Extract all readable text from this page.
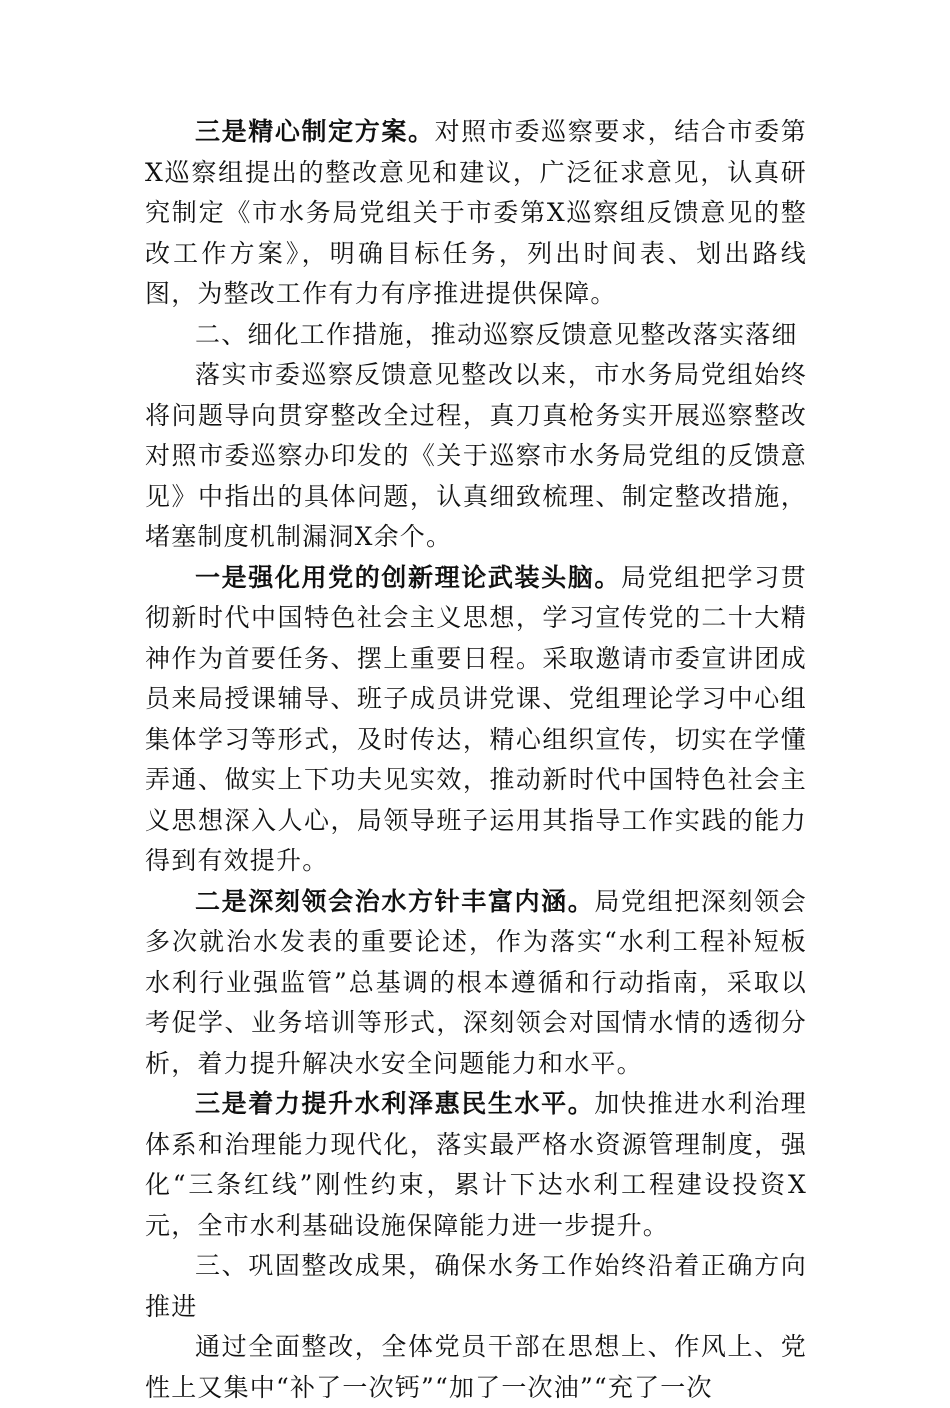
三是精心制定方案。对照市委巡察要求，结合市委第X巡察组提出的整改意见和建议，广泛征求意见，认真研究制定《市水务局党组关于市委第X巡察组反馈意见的整改工作方案》，明确目标任务，列出时间表、划出路线图，为整改工作有力有序推进提供保障。

二、细化工作措施，推动巡察反馈意见整改落实落细

落实市委巡察反馈意见整改以来，市水务局党组始终将问题导向贯穿整改全过程，真刀真枪务实开展巡察整改对照市委巡察办印发的《关于巡察市水务局党组的反馈意见》中指出的具体问题，认真细致梳理、制定整改措施，堵塞制度机制漏洞X余个。

一是强化用党的创新理论武装头脑。局党组把学习贯彻新时代中国特色社会主义思想，学习宣传党的二十大精神作为首要任务、摆上重要日程。采取邀请市委宣讲团成员来局授课辅导、班子成员讲党课、党组理论学习中心组集体学习等形式，及时传达，精心组织宣传，切实在学懂弄通、做实上下功夫见实效，推动新时代中国特色社会主义思想深入人心，局领导班子运用其指导工作实践的能力得到有效提升。

二是深刻领会治水方针丰富内涵。局党组把深刻领会多次就治水发表的重要论述，作为落实“水利工程补短板水利行业强监管”总基调的根本遵循和行动指南，采取以考促学、业务培训等形式，深刻领会对国情水情的透彻分析，着力提升解决水安全问题能力和水平。

三是着力提升水利泽惠民生水平。加快推进水利治理体系和治理能力现代化，落实最严格水资源管理制度，强化“三条红线”刚性约束，累计下达水利工程建设投资X元，全市水利基础设施保障能力进一步提升。

三、巩固整改成果，确保水务工作始终沿着正确方向推进

通过全面整改，全体党员干部在思想上、作风上、党性上又集中“补了一次钙”“加了一次油”“充了一次
